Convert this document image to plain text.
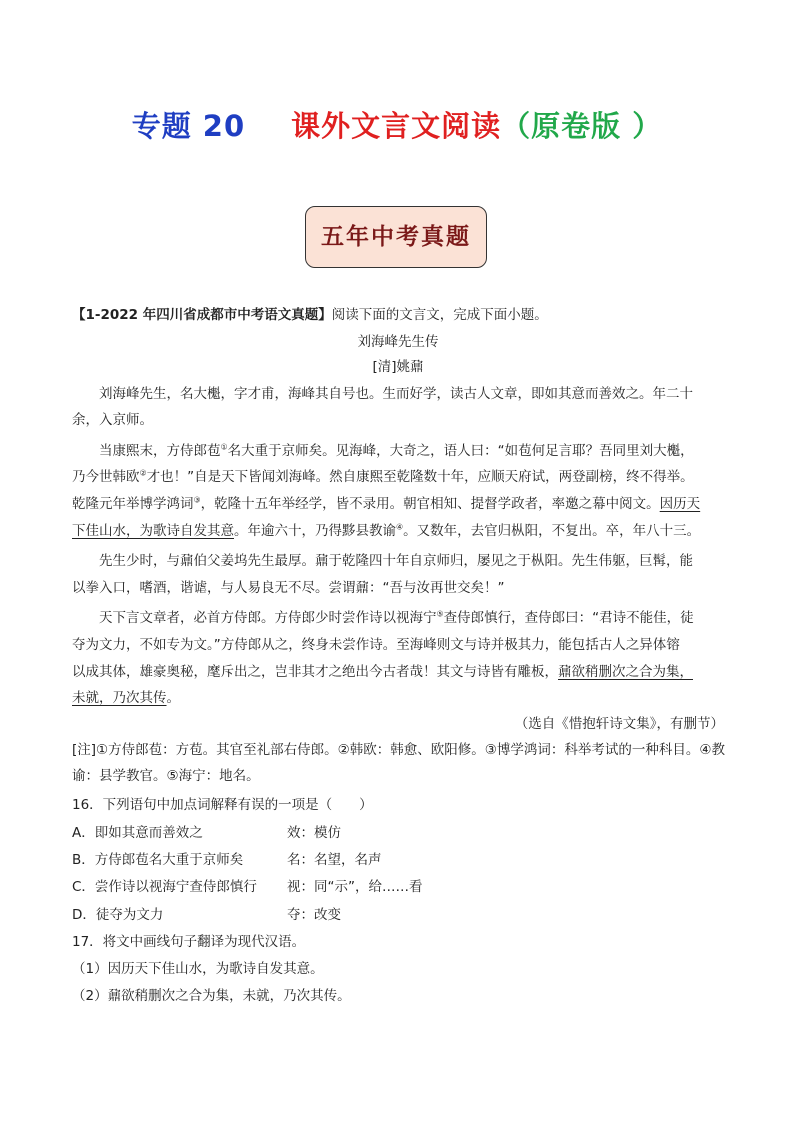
专题 20 课外文言文阅读（原卷版 ）
五年中考真题
【1-2022 年四川省成都市中考语文真题】阅读下面的文言文，完成下面小题。
刘海峰先生传
[清]姚鼐
刘海峰先生，名大櫆，字才甫，海峰其自号也。生而好学，读古人文章，即如其意而善效之。年二十
余，入京师。
当康熙末，方侍郎苞①名大重于京师矣。见海峰，大奇之，语人曰：“如苞何足言耶？吾同里刘大櫆，
乃今世韩欧②才也！”自是天下皆闻刘海峰。然自康熙至乾隆数十年，应顺天府试，两登副榜，终不得举。
乾隆元年举博学鸿词③，乾隆十五年举经学，皆不录用。朝官相知、提督学政者，率邀之幕中阅文。因历天
下佳山水，为歌诗自发其意。年逾六十，乃得黟县教谕④。又数年，去官归枞阳，不复出。卒，年八十三。
先生少时，与鼐伯父姜坞先生最厚。鼐于乾隆四十年自京师归，屡见之于枞阳。先生伟躯，巨髯，能
以拳入口，嗜酒，谐谑，与人易良无不尽。尝谓鼐：“吾与汝再世交矣！”
天下言文章者，必首方侍郎。方侍郎少时尝作诗以视海宁⑤查侍郎慎行，查侍郎曰：“君诗不能佳，徒
夺为文力，不如专为文。”方侍郎从之，终身未尝作诗。至海峰则文与诗并极其力，能包括古人之异体镕
以成其体，雄豪奥秘，麾斥出之，岂非其才之绝出今古者哉！其文与诗皆有雕板，鼐欲稍删次之合为集，
未就，乃次其传。
（选自《惜抱轩诗文集》，有删节）
[注]①方侍郎苞：方苞。其官至礼部右侍郎。②韩欧：韩愈、欧阳修。③博学鸿词：科举考试的一种科目。④教
谕：县学教官。⑤海宁：地名。
16．下列语句中加点词解释有误的一项是（　　）
A．即如其意而善效之	效：模仿
B．方侍郎苞名大重于京师矣	名：名望，名声
C．尝作诗以视海宁查侍郎慎行 视：同“示”，给……看
D．徒夺为文力	夺：改变
17．将文中画线句子翻译为现代汉语。
（1）因历天下佳山水，为歌诗自发其意。
（2）鼐欲稍删次之合为集，未就，乃次其传。
